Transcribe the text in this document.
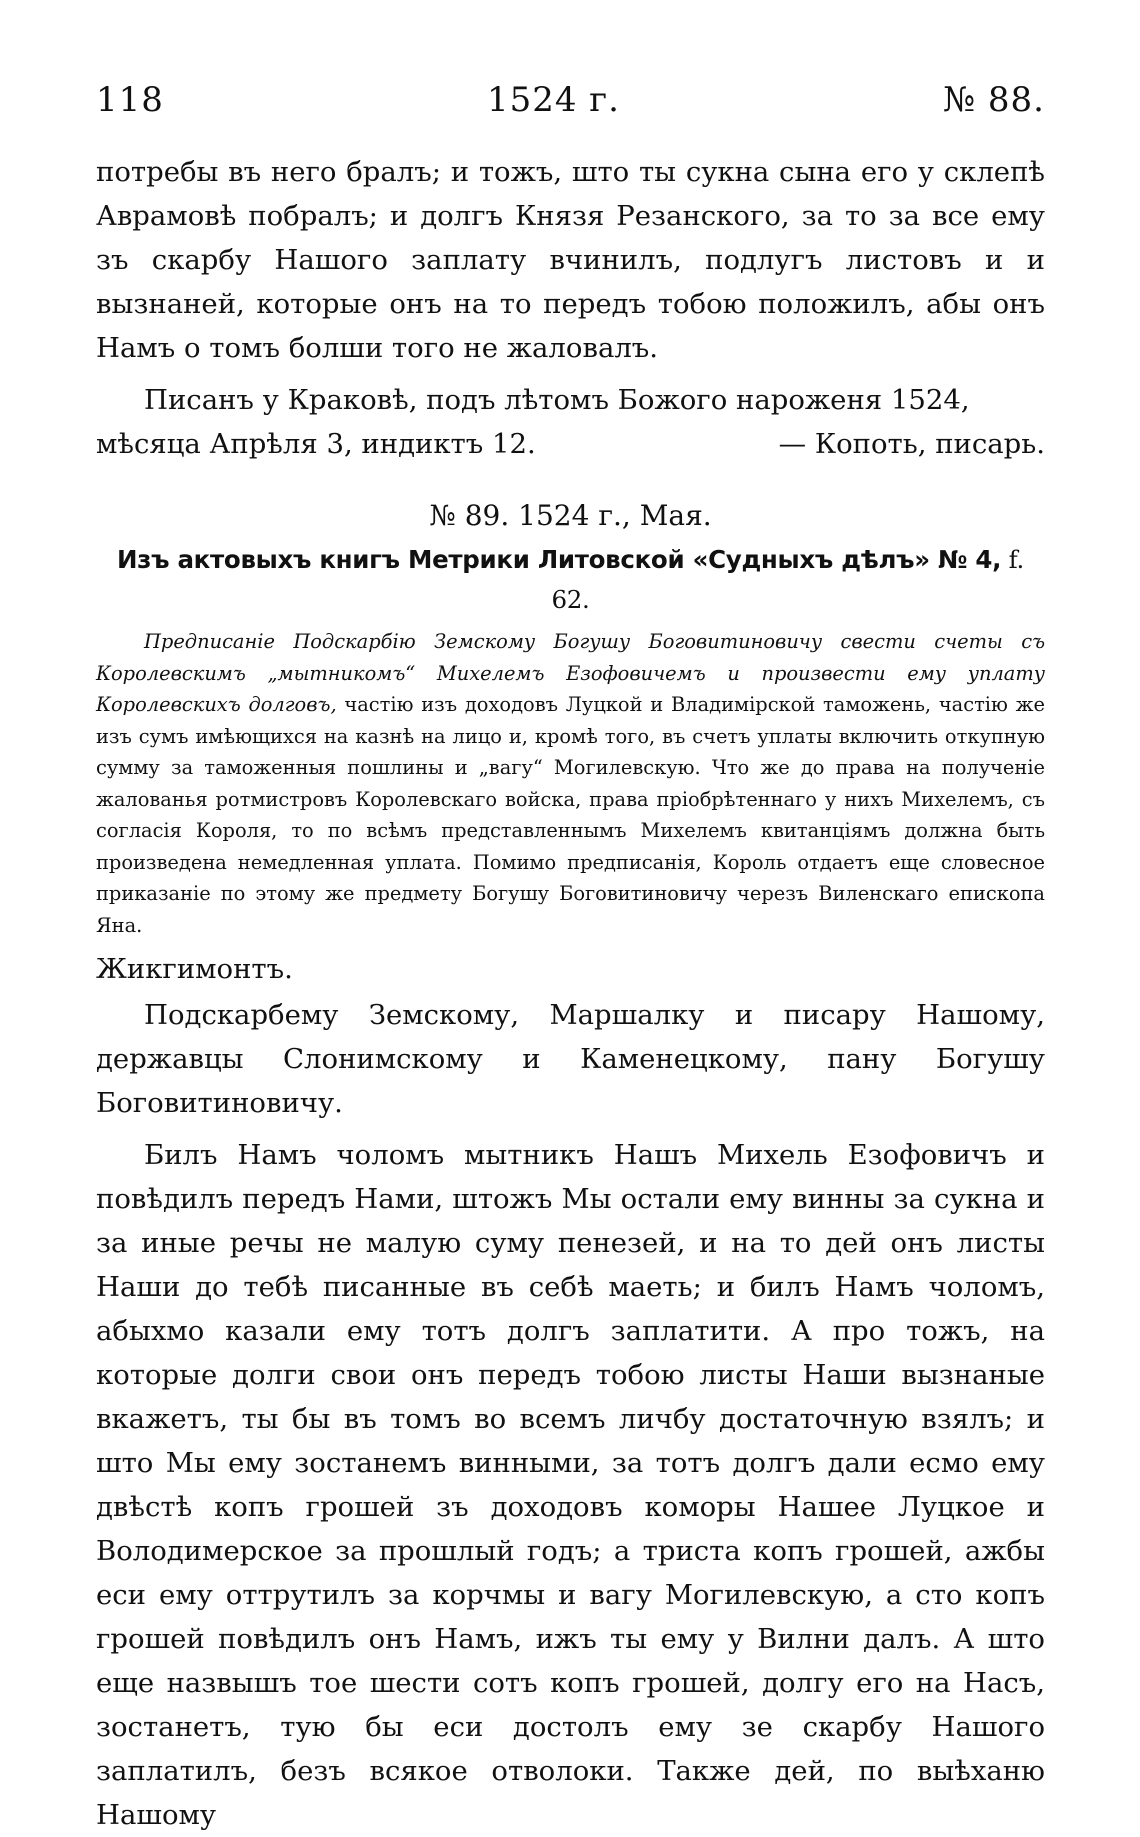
118	1524 г.	№ 88.

потребы въ него бралъ; и тожъ, што ты сукна сына его у склепѣ Аврамовѣ побралъ; и долгъ Князя Резанского, за то за все ему зъ скарбу Нашого заплату вчинилъ, подлугъ листовъ и и вызнаней, которые онъ на то передъ тобою положилъ, абы онъ Намъ о томъ болши того не жаловалъ.

Писанъ у Краковѣ, подъ лѣтомъ Божого нароженя 1524,

мѣсяца Апрѣля 3, индиктъ 12.	— Копоть, писарь.
№ 89. 1524 г., Мая.
Изъ актовыхъ книгъ Метрики Литовской «Судныхъ дѣлъ» № 4, f. 62.

Предписаніе Подскарбію Земскому Богушу Боговитиновичу свести счеты съ Королевскимъ „мытникомъ“ Михелемъ Езофовичемъ и произвести ему уплату Королевскихъ долговъ, частію изъ доходовъ Луцкой и Владимірской таможень, частію же изъ сумъ имѣющихся на казнѣ на лицо и, кромѣ того, въ счетъ уплаты включить откупную сумму за таможенныя пошлины и „вагу“ Могилевскую. Что же до права на полученіе жалованья ротмистровъ Королевскаго войска, права пріобрѣтеннаго у нихъ Михелемъ, съ согласія Короля, то по всѣмъ представленнымъ Михелемъ квитанціямъ должна быть произведена немедленная уплата. Помимо предписанія, Король отдаетъ еще словесное приказаніе по этому же предмету Богушу Боговитиновичу черезъ Виленскаго епископа Яна.

Жикгимонтъ.

Подскарбему Земскому, Маршалку и писару Нашому, державцы Слонимскому и Каменецкому, пану Богушу Боговитиновичу.

Билъ Намъ чоломъ мытникъ Нашъ Михель Езофовичъ и повѣдилъ передъ Нами, штожъ Мы остали ему винны за сукна и за иные речы не малую суму пенезей, и на то дей онъ листы Наши до тебѣ писанные въ себѣ маеть; и билъ Намъ чоломъ, абыхмо казали ему тотъ долгъ заплатити. А про тожъ, на которые долги свои онъ передъ тобою листы Наши вызнаные вкажетъ, ты бы въ томъ во всемъ личбу достаточную взялъ; и што Мы ему зостанемъ винными, за тотъ долгъ дали есмо ему двѣстѣ копъ грошей зъ доходовъ коморы Нашее Луцкое и Володимерское за прошлый годъ; а триста копъ грошей, ажбы еси ему оттрутилъ за корчмы и вагу Могилевскую, а сто копъ грошей повѣдилъ онъ Намъ, ижъ ты ему у Вилни далъ. А што еще назвышъ тое шести сотъ копъ грошей, долгу его на Насъ, зостанетъ, тую бы еси достолъ ему зе скарбу Нашого заплатилъ, безъ всякое отволоки. Также дей, по выѣханю Нашому
